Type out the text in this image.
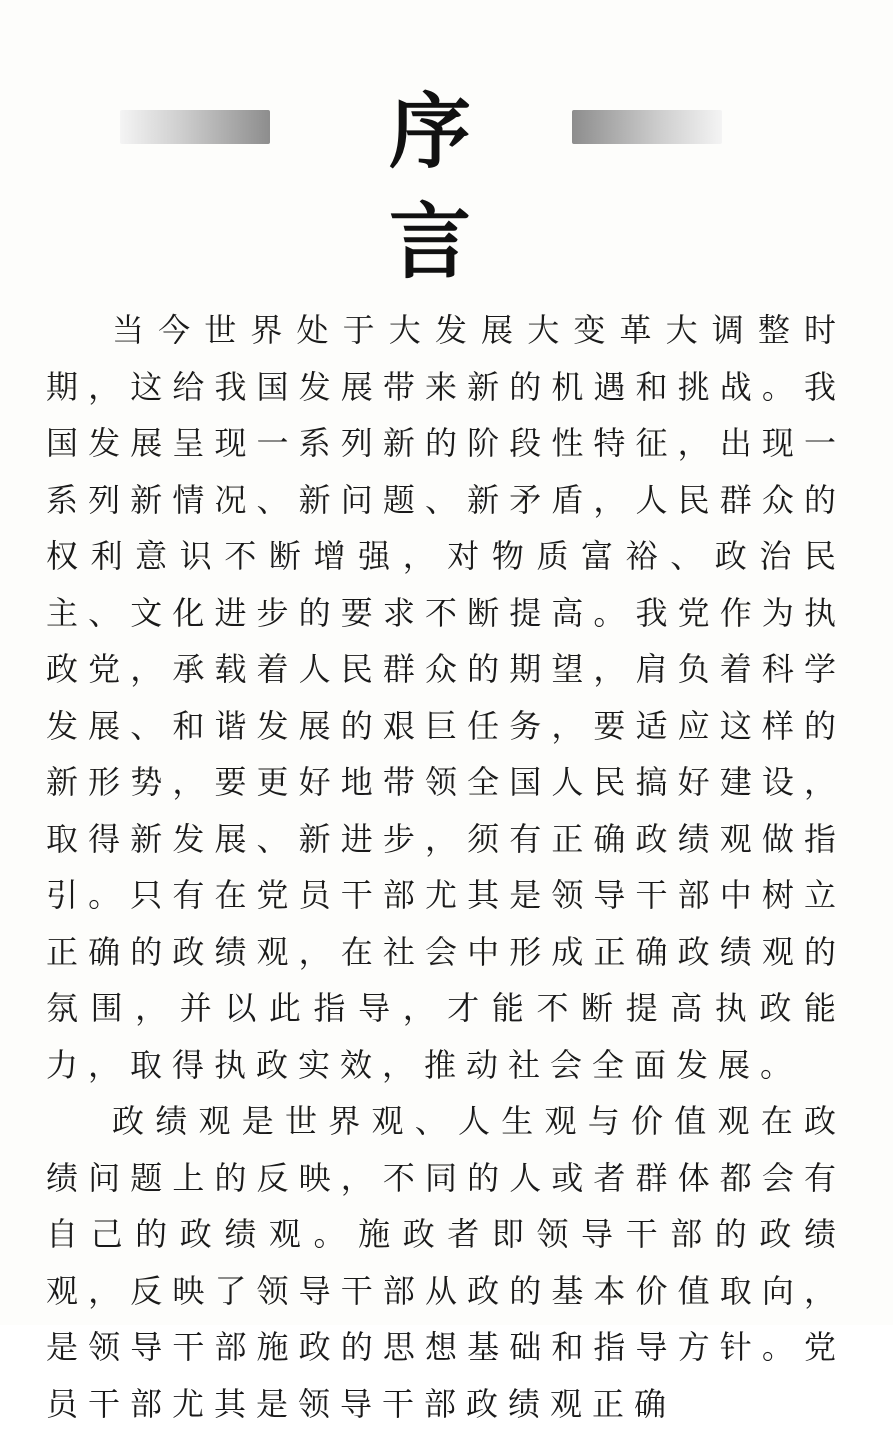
序言

当今世界处于大发展大变革大调整时期，这给我国发展带来新的机遇和挑战。我国发展呈现一系列新的阶段性特征，出现一系列新情况、新问题、新矛盾，人民群众的权利意识不断增强，对物质富裕、政治民主、文化进步的要求不断提高。我党作为执政党，承载着人民群众的期望，肩负着科学发展、和谐发展的艰巨任务，要适应这样的新形势，要更好地带领全国人民搞好建设，取得新发展、新进步，须有正确政绩观做指引。只有在党员干部尤其是领导干部中树立正确的政绩观，在社会中形成正确政绩观的氛围，并以此指导，才能不断提高执政能力，取得执政实效，推动社会全面发展。

政绩观是世界观、人生观与价值观在政绩问题上的反映，不同的人或者群体都会有自己的政绩观。施政者即领导干部的政绩观，反映了领导干部从政的基本价值取向，是领导干部施政的思想基础和指导方针。党员干部尤其是领导干部政绩观正确
